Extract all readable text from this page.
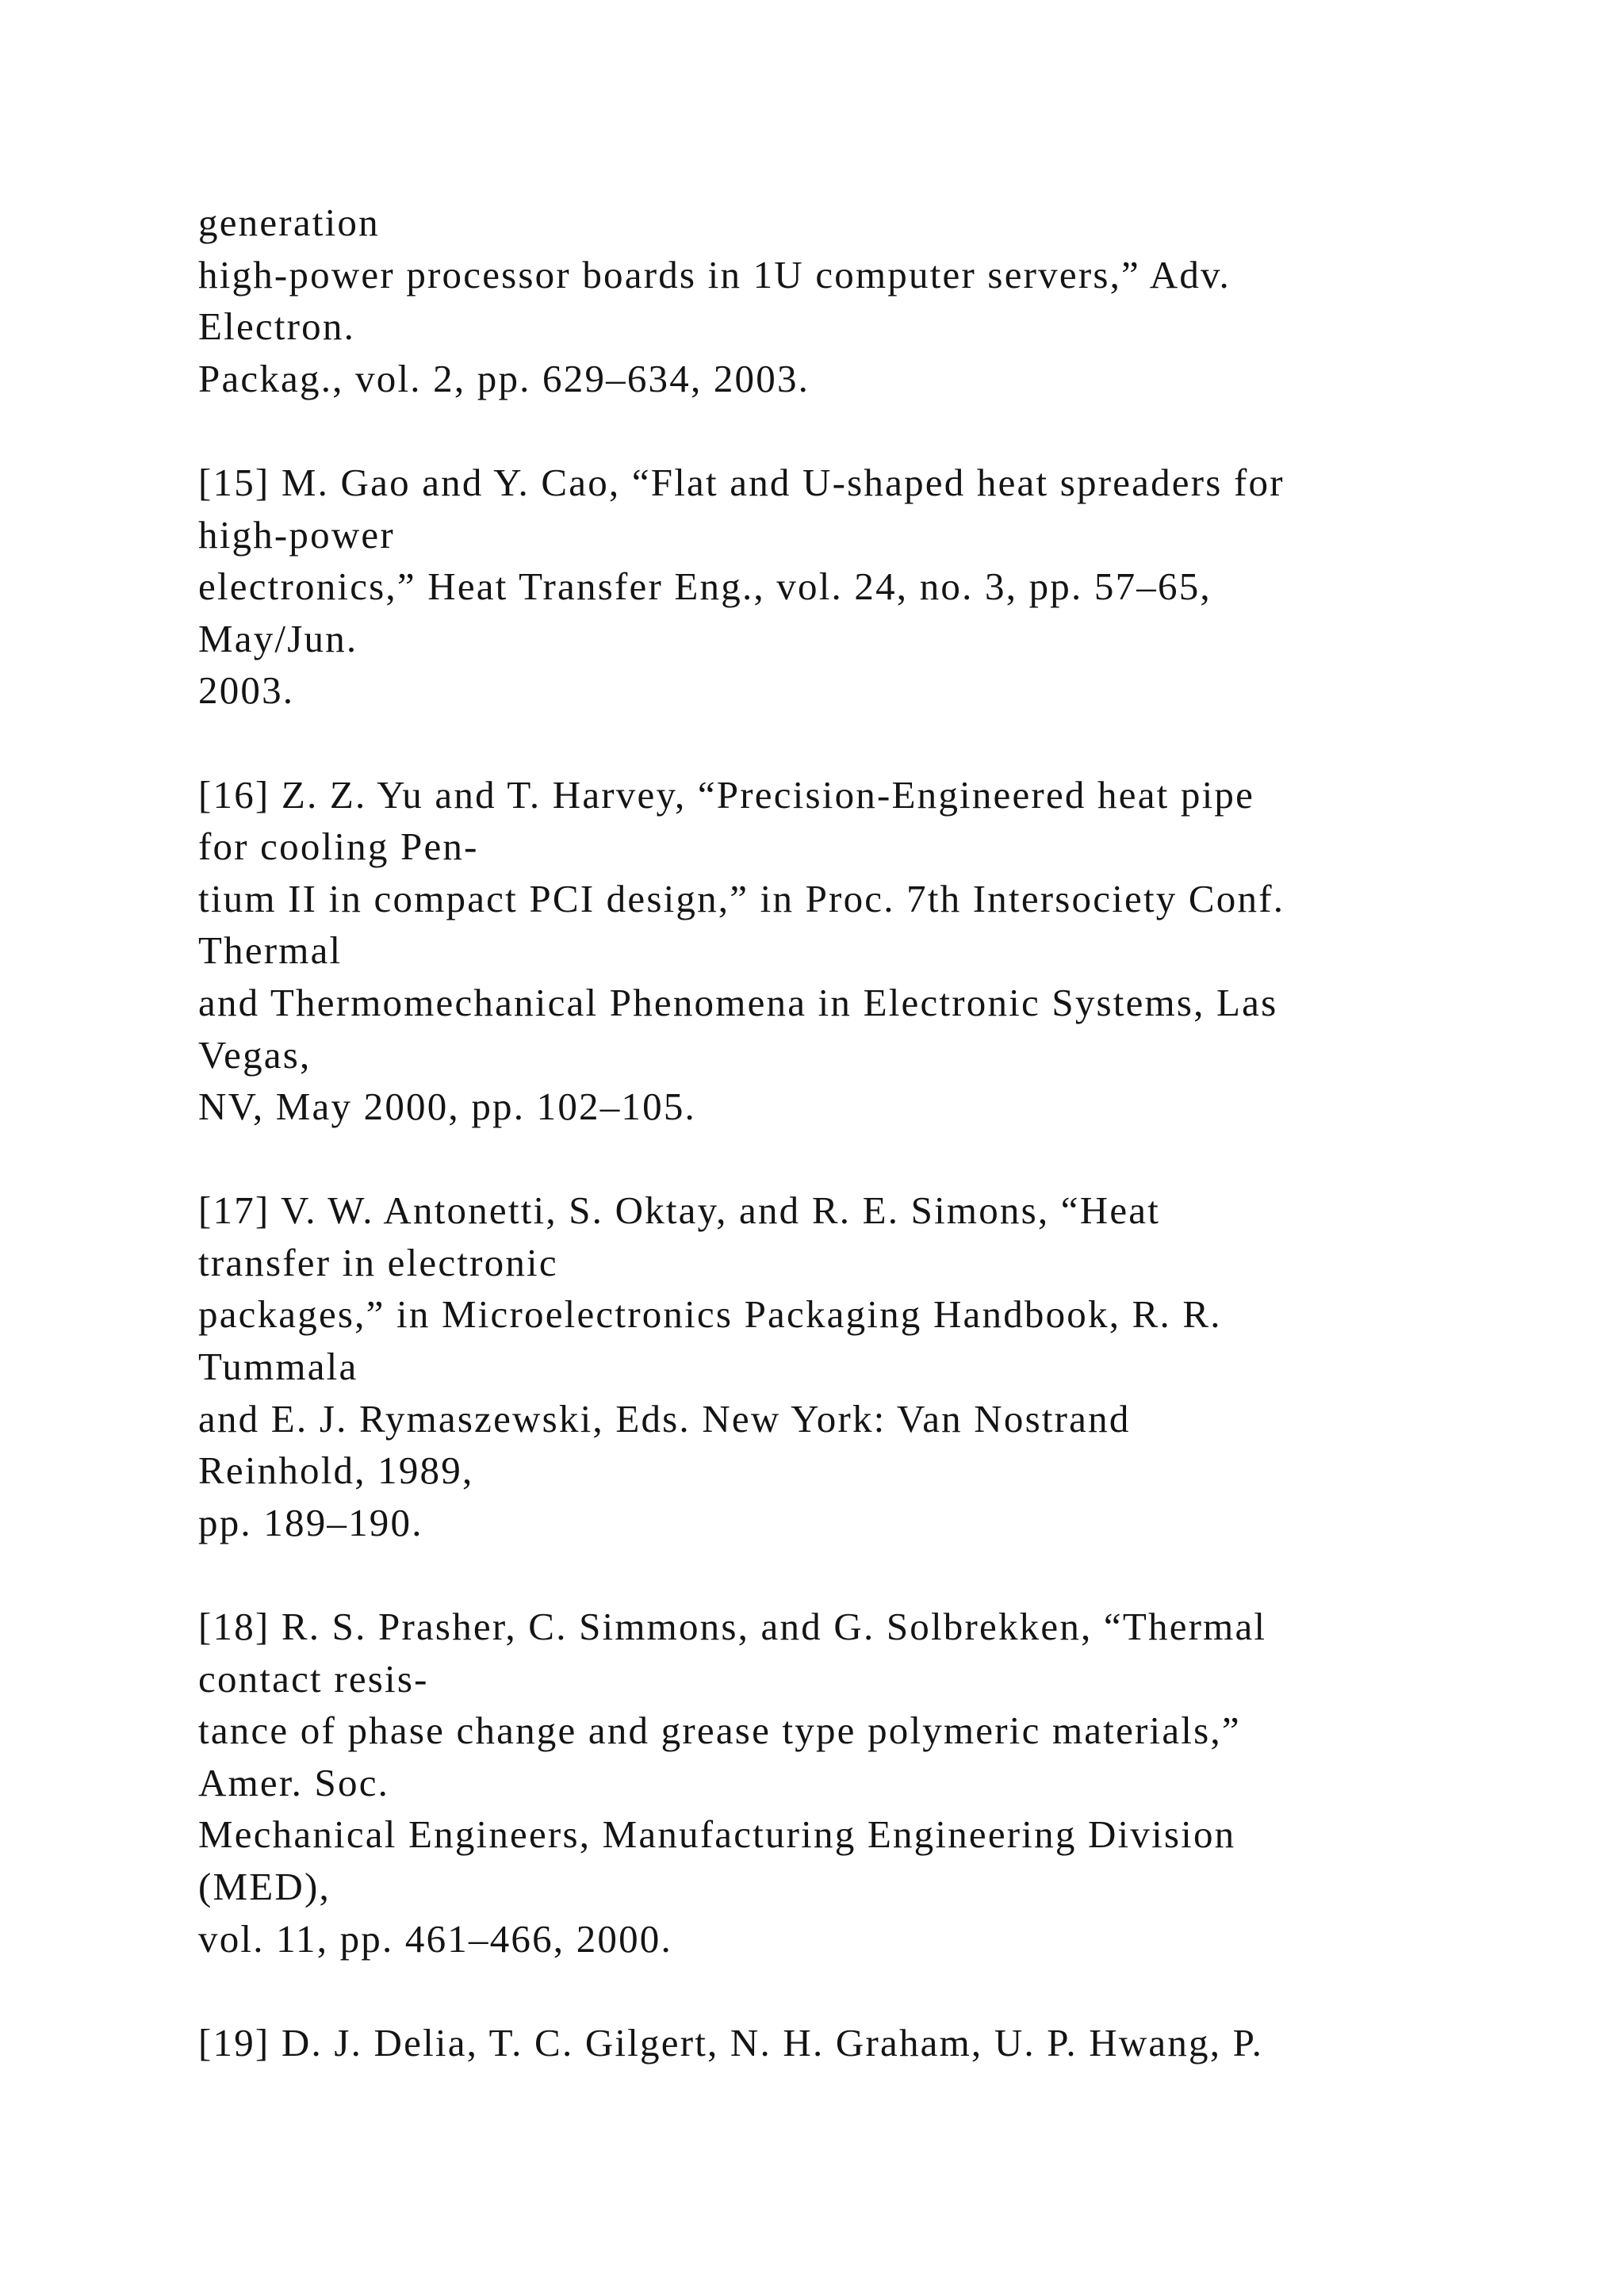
generation
high-power processor boards in 1U computer servers,” Adv.
Electron.
Packag., vol. 2, pp. 629–634, 2003.
[15] M. Gao and Y. Cao, “Flat and U-shaped heat spreaders for
high-power
electronics,” Heat Transfer Eng., vol. 24, no. 3, pp. 57–65,
May/Jun.
2003.
[16] Z. Z. Yu and T. Harvey, “Precision-Engineered heat pipe
for cooling Pen-
tium II in compact PCI design,” in Proc. 7th Intersociety Conf.
Thermal
and Thermomechanical Phenomena in Electronic Systems, Las
Vegas,
NV, May 2000, pp. 102–105.
[17] V. W. Antonetti, S. Oktay, and R. E. Simons, “Heat
transfer in electronic
packages,” in Microelectronics Packaging Handbook, R. R.
Tummala
and E. J. Rymaszewski, Eds. New York: Van Nostrand
Reinhold, 1989,
pp. 189–190.
[18] R. S. Prasher, C. Simmons, and G. Solbrekken, “Thermal
contact resis-
tance of phase change and grease type polymeric materials,”
Amer. Soc.
Mechanical Engineers, Manufacturing Engineering Division
(MED),
vol. 11, pp. 461–466, 2000.
[19] D. J. Delia, T. C. Gilgert, N. H. Graham, U. P. Hwang, P.
